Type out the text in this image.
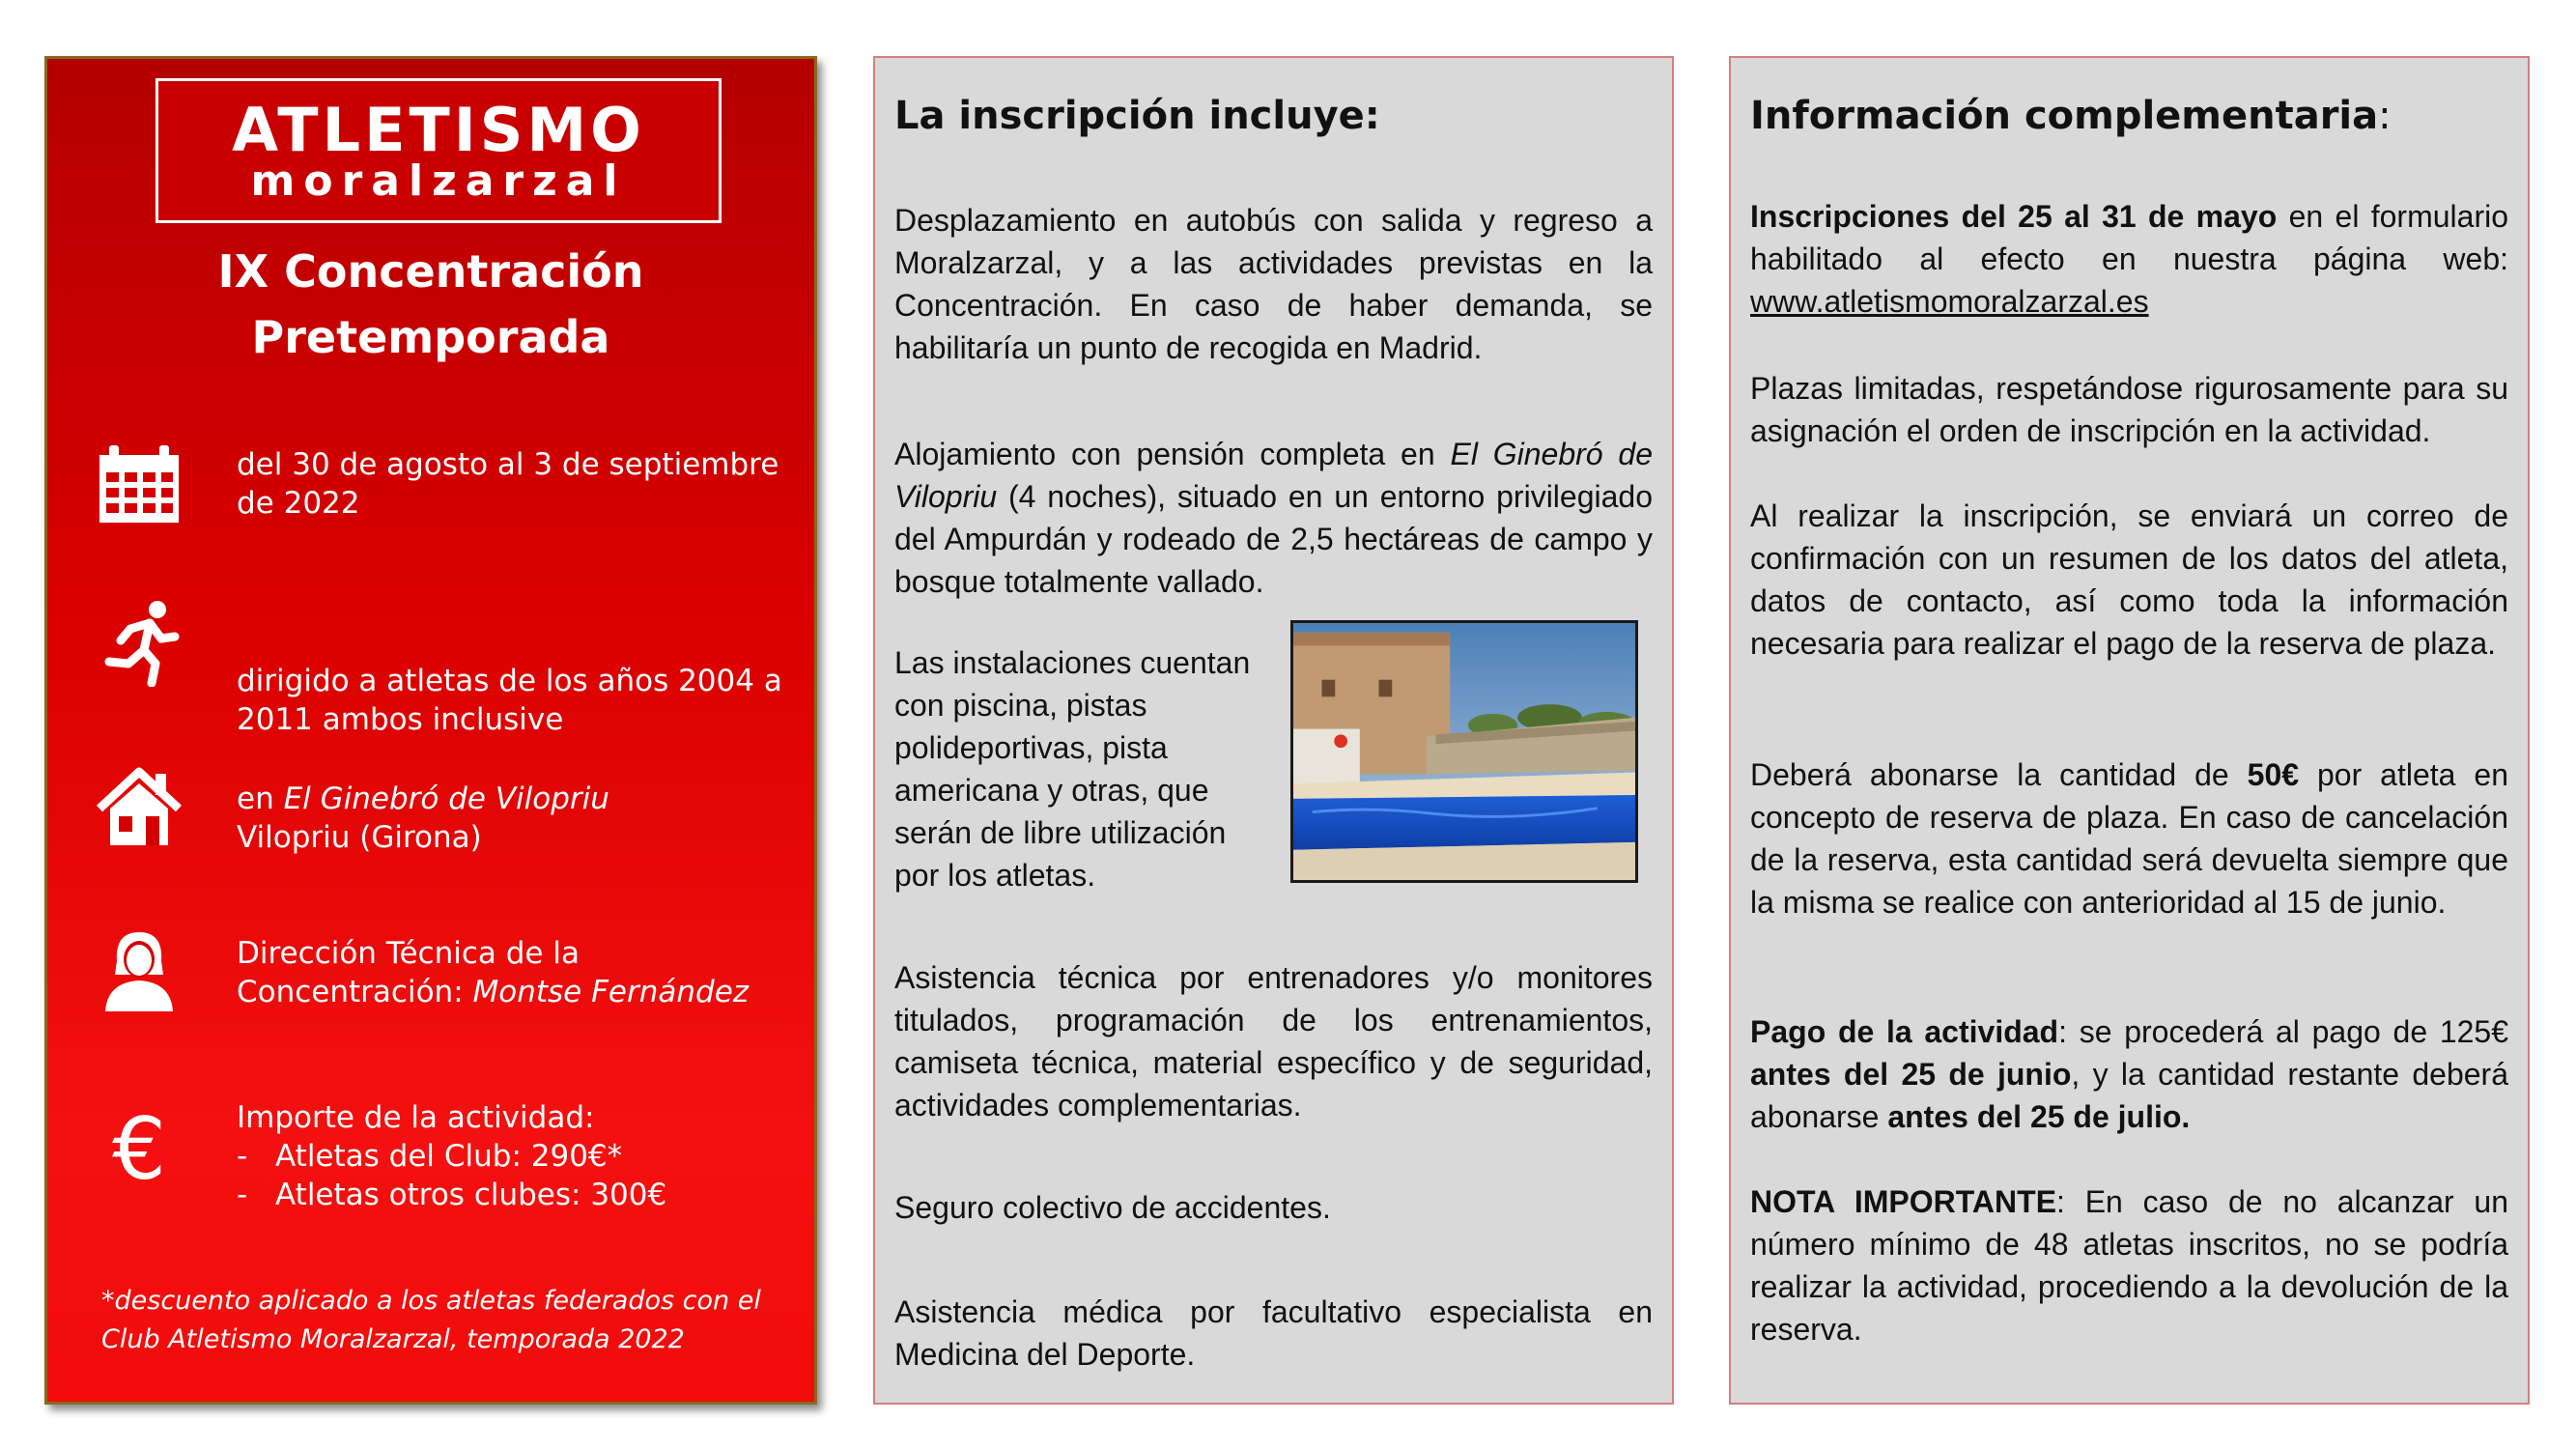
ATLETISMO
moralzarzal
IX Concentración
Pretemporada
del 30 de agosto al 3 de septiembre de 2022
dirigido a atletas de los años 2004 a 2011 ambos inclusive
en El Ginebró de Vilopriu
Vilopriu (Girona)
Dirección Técnica de la
Concentración: Montse Fernández
€	Importe de la actividad:
- Atletas del Club: 290€*
- Atletas otros clubes: 300€
*descuento aplicado a los atletas federados con el Club Atletismo Moralzarzal, temporada 2022
La inscripción incluye:
Desplazamiento en autobús con salida y regreso a Moralzarzal, y a las actividades previstas en la Concentración. En caso de haber demanda, se habilitaría un punto de recogida en Madrid.
Alojamiento con pensión completa en El Ginebró de Vilopriu (4 noches), situado en un entorno privilegiado del Ampurdán y rodeado de 2,5 hectáreas de campo y bosque totalmente vallado.
Las instalaciones cuentan con piscina, pistas polideportivas, pista americana y otras, que serán de libre utilización por los atletas.
Asistencia técnica por entrenadores y/o monitores titulados, programación de los entrenamientos, camiseta técnica, material específico y de seguridad, actividades complementarias.
Seguro colectivo de accidentes.
Asistencia médica por facultativo especialista en Medicina del Deporte.
Información complementaria:
Inscripciones del 25 al 31 de mayo en el formulario habilitado al efecto en nuestra página web: www.atletismomoralzarzal.es
Plazas limitadas, respetándose rigurosamente para su asignación el orden de inscripción en la actividad.
Al realizar la inscripción, se enviará un correo de confirmación con un resumen de los datos del atleta, datos de contacto, así como toda la información necesaria para realizar el pago de la reserva de plaza.
Deberá abonarse la cantidad de 50€ por atleta en concepto de reserva de plaza. En caso de cancelación de la reserva, esta cantidad será devuelta siempre que la misma se realice con anterioridad al 15 de junio.
Pago de la actividad: se procederá al pago de 125€ antes del 25 de junio, y la cantidad restante deberá abonarse antes del 25 de julio.
NOTA IMPORTANTE: En caso de no alcanzar un número mínimo de 48 atletas inscritos, no se podría realizar la actividad, procediendo a la devolución de la reserva.
